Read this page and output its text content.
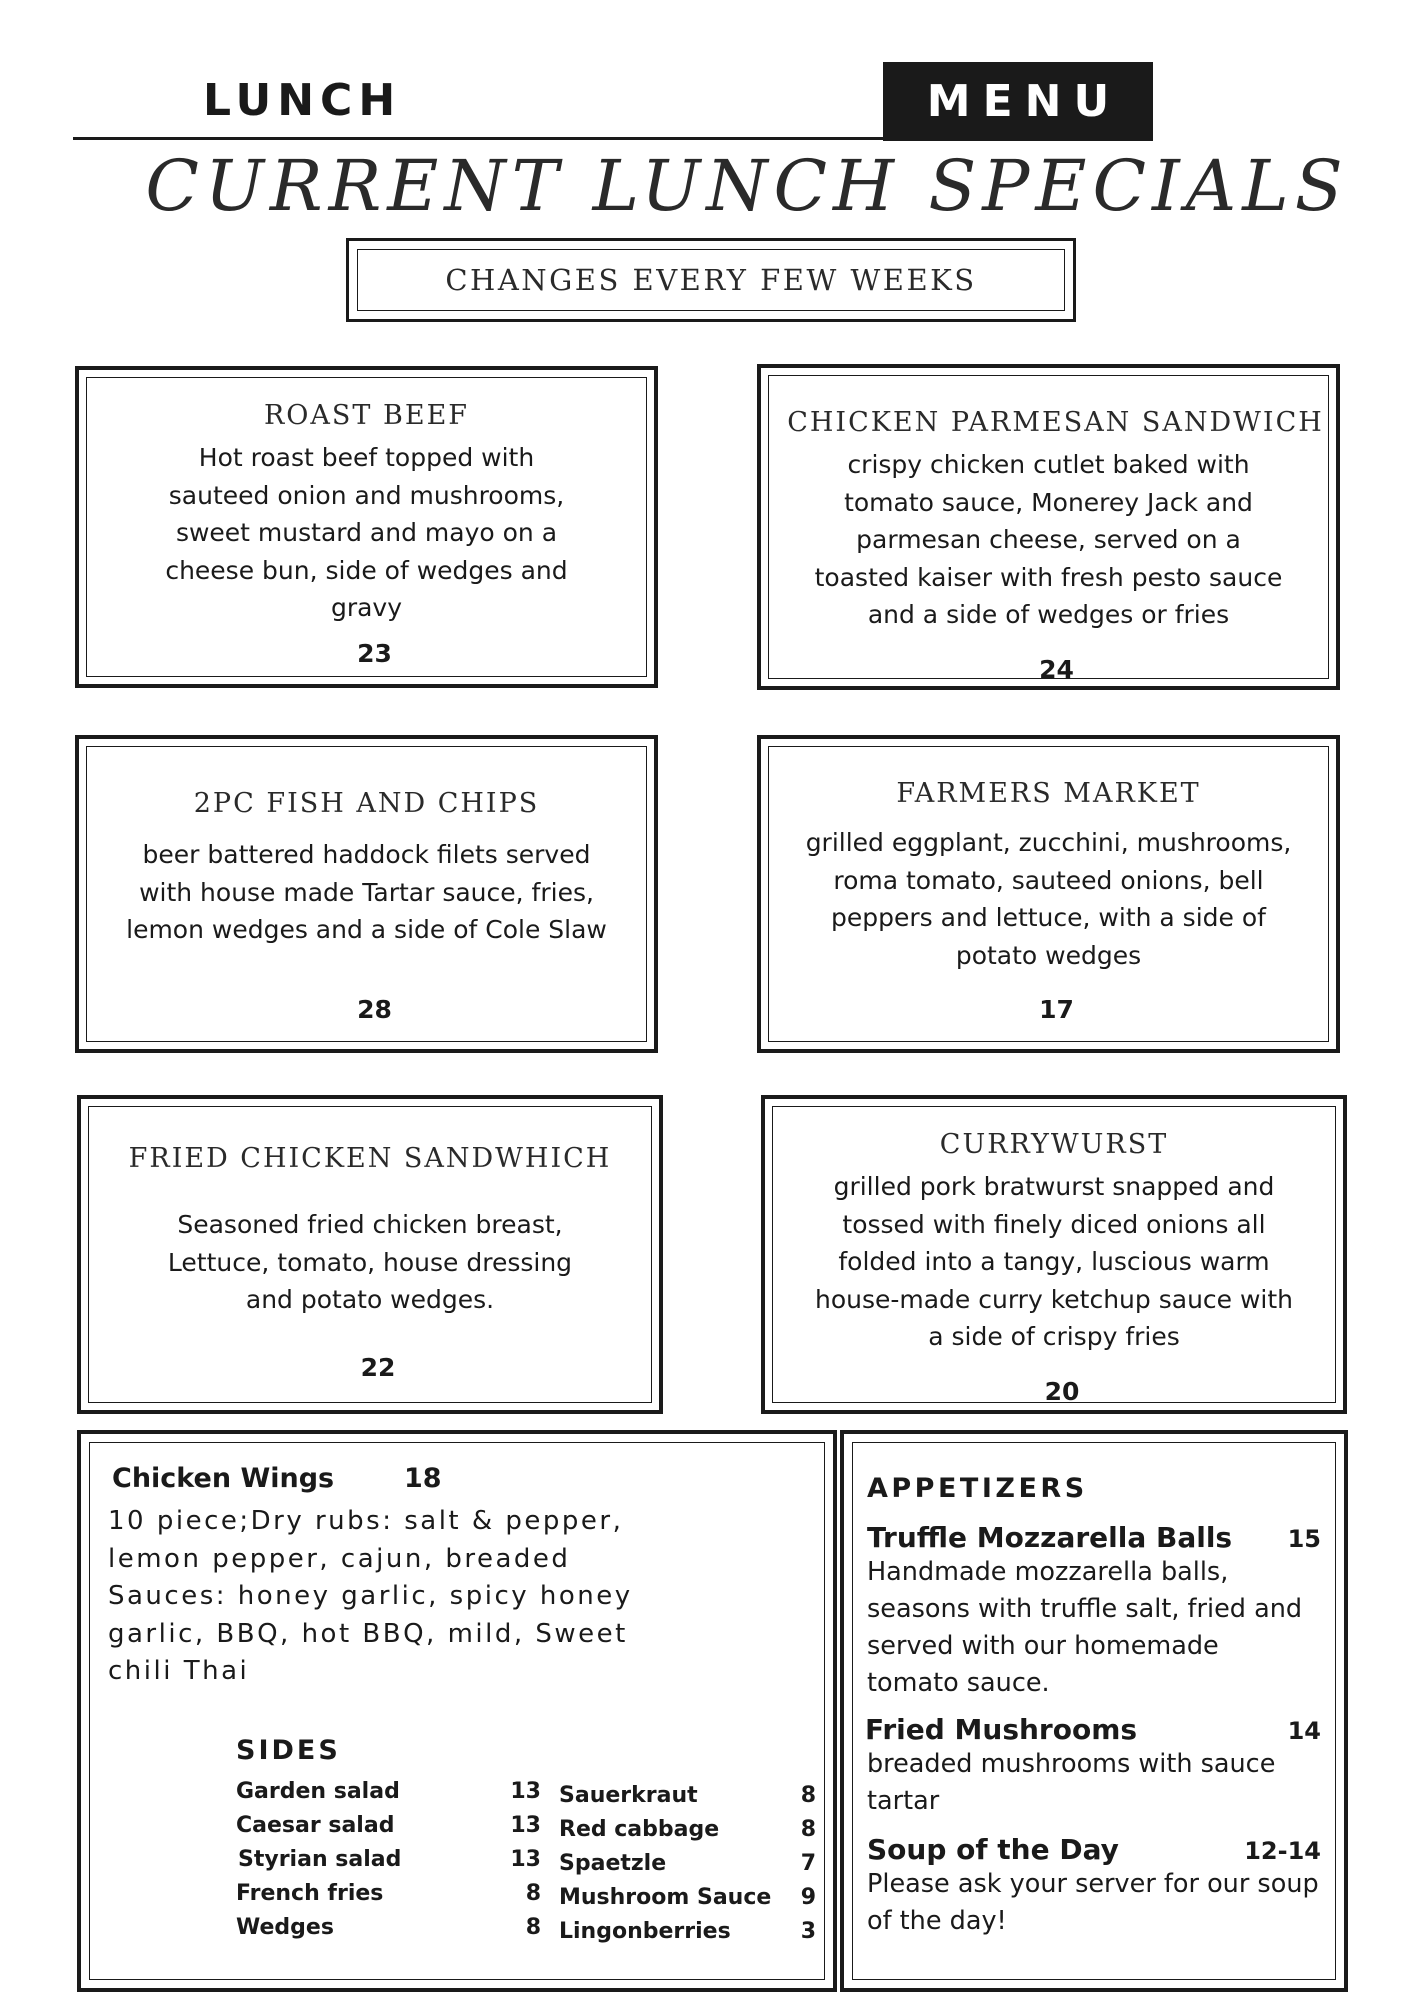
LUNCH	MENU
CURRENT LUNCH SPECIALS
CHANGES EVERY FEW WEEKS
ROAST BEEF
Hot roast beef topped with
sauteed onion and mushrooms,
sweet mustard and mayo on a
cheese bun, side of wedges and
gravy
23
CHICKEN PARMESAN SANDWICH
crispy chicken cutlet baked with
tomato sauce, Monerey Jack and
parmesan cheese, served on a
toasted kaiser with fresh pesto sauce
and a side of wedges or fries
24
2PC FISH AND CHIPS
beer battered haddock filets served
with house made Tartar sauce, fries,
lemon wedges and a side of Cole Slaw
28
FARMERS MARKET
grilled eggplant, zucchini, mushrooms,
roma tomato, sauteed onions, bell
peppers and lettuce, with a side of
potato wedges
17
FRIED CHICKEN SANDWHICH
Seasoned fried chicken breast,
Lettuce, tomato, house dressing
and potato wedges.
22
CURRYWURST
grilled pork bratwurst snapped and
tossed with finely diced onions all
folded into a tangy, luscious warm
house-made curry ketchup sauce with
a side of crispy fries
20
Chicken Wings	18
10 piece;Dry rubs: salt & pepper,
lemon pepper, cajun, breaded
Sauces: honey garlic, spicy honey
garlic, BBQ, hot BBQ, mild, Sweet
chili Thai
SIDES
Garden salad	13
Caesar salad	13
Styrian salad	13
French fries	8
Wedges	8
Sauerkraut	8
Red cabbage	8
Spaetzle	7
Mushroom Sauce 9
Lingonberries	3
APPETIZERS
Truffle Mozzarella Balls 15
Handmade mozzarella balls,
seasons with truffle salt, fried and
served with our homemade
tomato sauce.
Fried Mushrooms	14
breaded mushrooms with sauce
tartar
Soup of the Day	12-14
Please ask your server for our soup
of the day!
